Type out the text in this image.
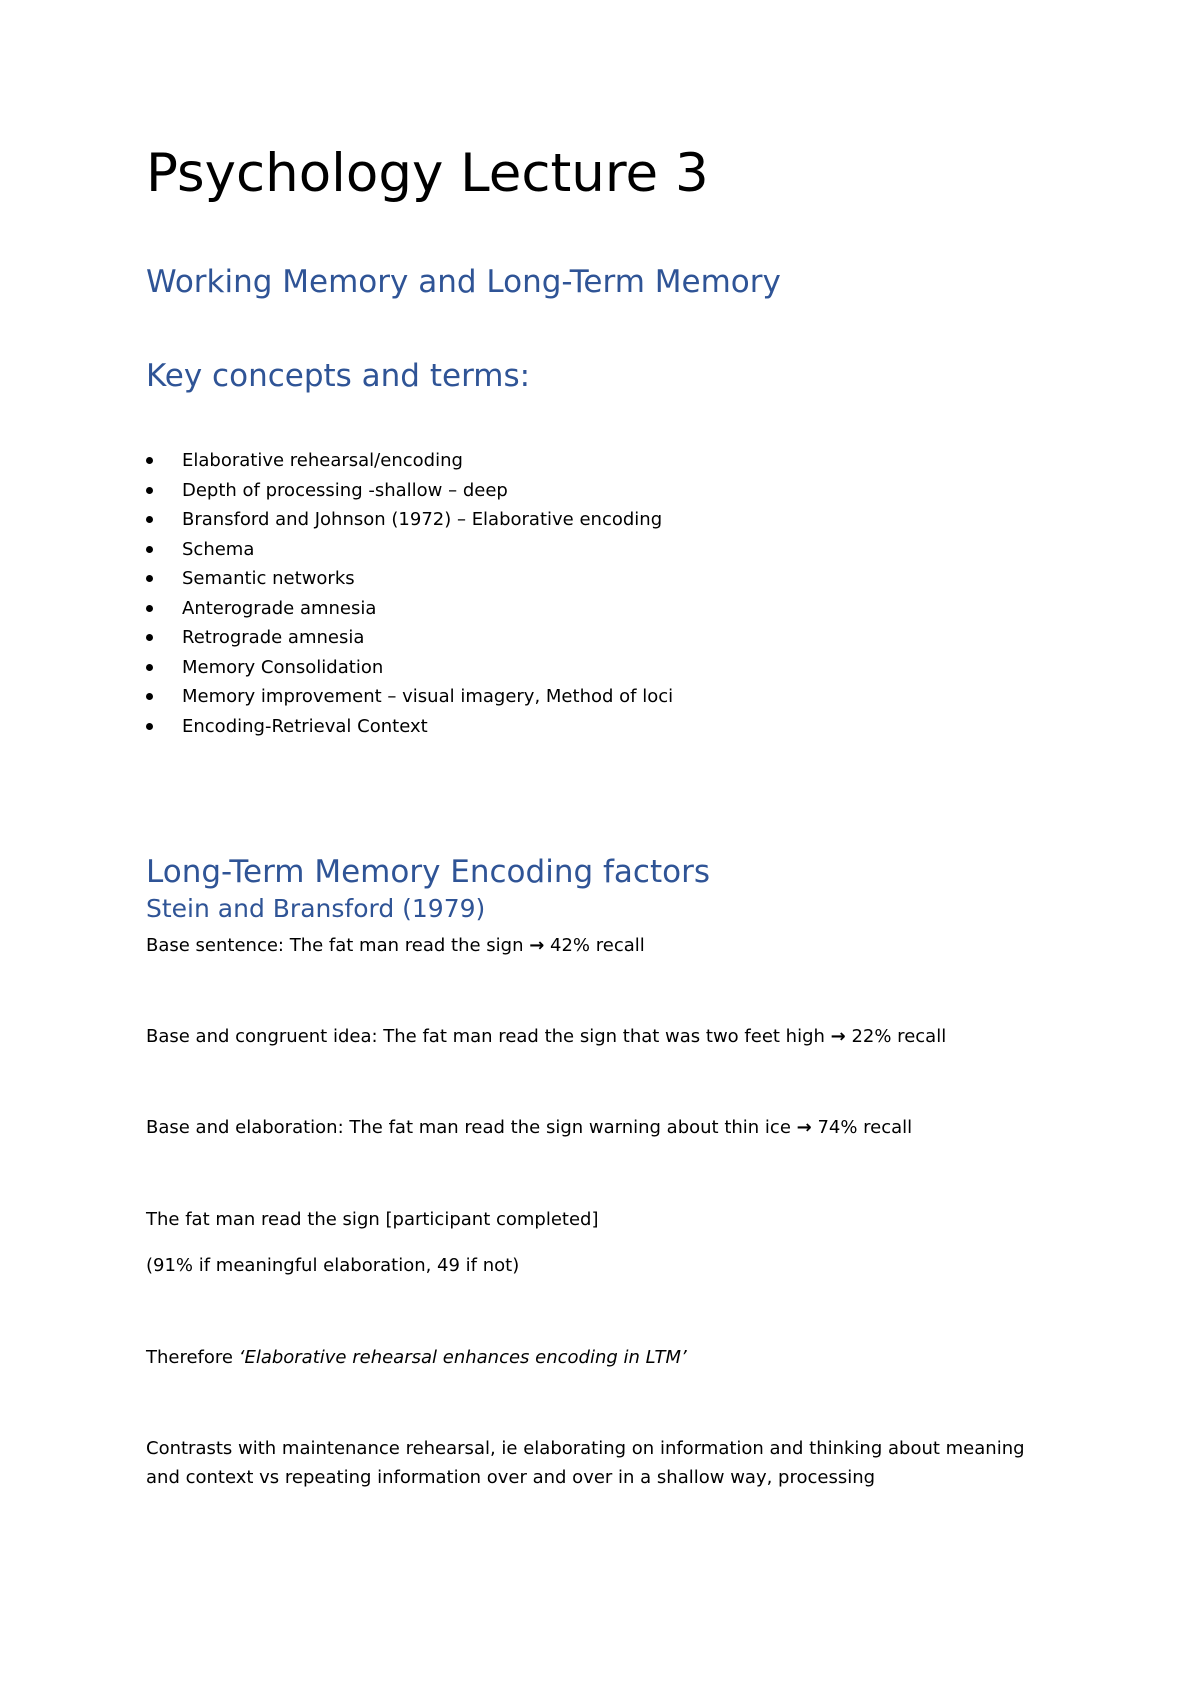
Psychology Lecture 3
Working Memory and Long-Term Memory
Key concepts and terms:
Elaborative rehearsal/encoding
Depth of processing -shallow – deep
Bransford and Johnson (1972) – Elaborative encoding
Schema
Semantic networks
Anterograde amnesia
Retrograde amnesia
Memory Consolidation
Memory improvement – visual imagery, Method of loci
Encoding-Retrieval Context
Long-Term Memory Encoding factors
Stein and Bransford (1979)

Base sentence: The fat man read the sign → 42% recall

Base and congruent idea: The fat man read the sign that was two feet high → 22% recall

Base and elaboration: The fat man read the sign warning about thin ice → 74% recall

The fat man read the sign [participant completed]

(91% if meaningful elaboration, 49 if not)

Therefore ‘Elaborative rehearsal enhances encoding in LTM’

Contrasts with maintenance rehearsal, ie elaborating on information and thinking about meaning and context vs repeating information over and over in a shallow way, processing
